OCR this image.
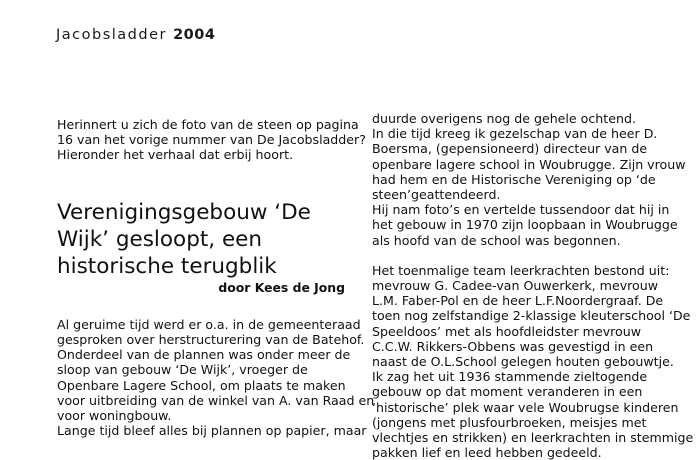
Jacobsladder 2004

Herinnert u zich de foto van de steen op pagina
16 van het vorige nummer van De Jacobsladder?
Hieronder het verhaal dat erbij hoort.

Verenigingsgebouw ‘De
Wijk’ gesloopt, een
historische terugblik

door Kees de Jong

Al geruime tijd werd er o.a. in de gemeenteraad
gesproken over herstructurering van de Batehof.
Onderdeel van de plannen was onder meer de
sloop van gebouw ‘De Wijk’, vroeger de
Openbare Lagere School, om plaats te maken
voor uitbreiding van de winkel van A. van Raad en
voor woningbouw.
Lange tijd bleef alles bij plannen op papier, maar

duurde overigens nog de gehele ochtend.
In die tijd kreeg ik gezelschap van de heer D.
Boersma, (gepensioneerd) directeur van de
openbare lagere school in Woubrugge. Zijn vrouw
had hem en de Historische Vereniging op ‘de
steen’geattendeerd.
Hij nam foto’s en vertelde tussendoor dat hij in
het gebouw in 1970 zijn loopbaan in Woubrugge
als hoofd van de school was begonnen.

Het toenmalige team leerkrachten bestond uit:
mevrouw G. Cadee-van Ouwerkerk, mevrouw
L.M. Faber-Pol en de heer L.F.Noordergraaf. De
toen nog zelfstandige 2-klassige kleuterschool ‘De
Speeldoos’ met als hoofdleidster mevrouw
C.C.W. Rikkers-Obbens was gevestigd in een
naast de O.L.School gelegen houten gebouwtje.
Ik zag het uit 1936 stammende zieltogende
gebouw op dat moment veranderen in een
‘historische’ plek waar vele Woubrugse kinderen
(jongens met plusfourbroeken, meisjes met
vlechtjes en strikken) en leerkrachten in stemmige
pakken lief en leed hebben gedeeld.
